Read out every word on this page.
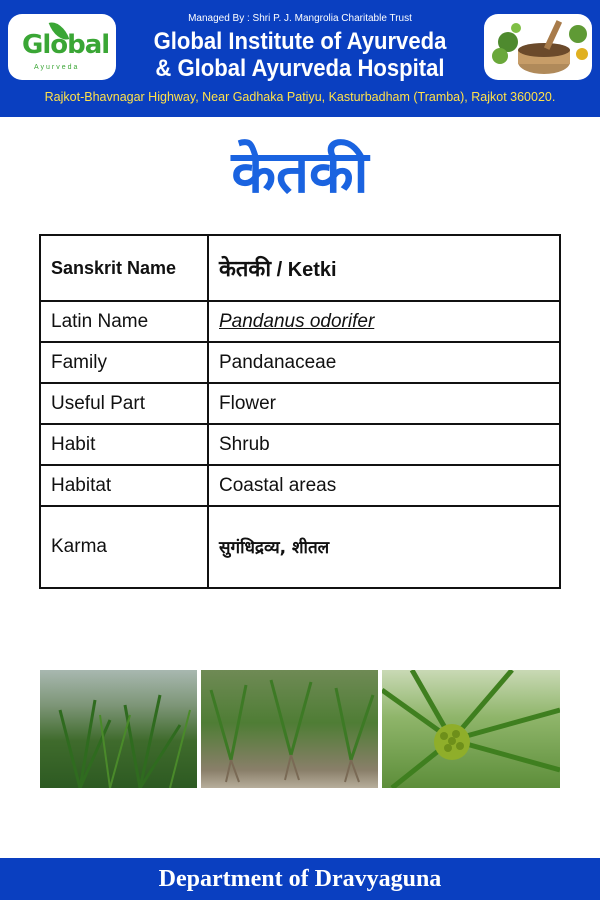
Global
Ayurveda
Managed By : Shri P. J. Mangrolia Charitable Trust
Global Institute of Ayurveda
& Global Ayurveda Hospital
Rajkot-Bhavnagar Highway, Near Gadhaka Patiyu, Kasturbadham (Tramba), Rajkot 360020.
केतकी
Sanskrit Name	केतकी / Ketki
Latin Name	Pandanus odorifer
Family	Pandanaceae
Useful Part	Flower
Habit	Shrub
Habitat	Coastal areas
Karma	सुगंधिद्रव्य, शीतल
Department of Dravyaguna
